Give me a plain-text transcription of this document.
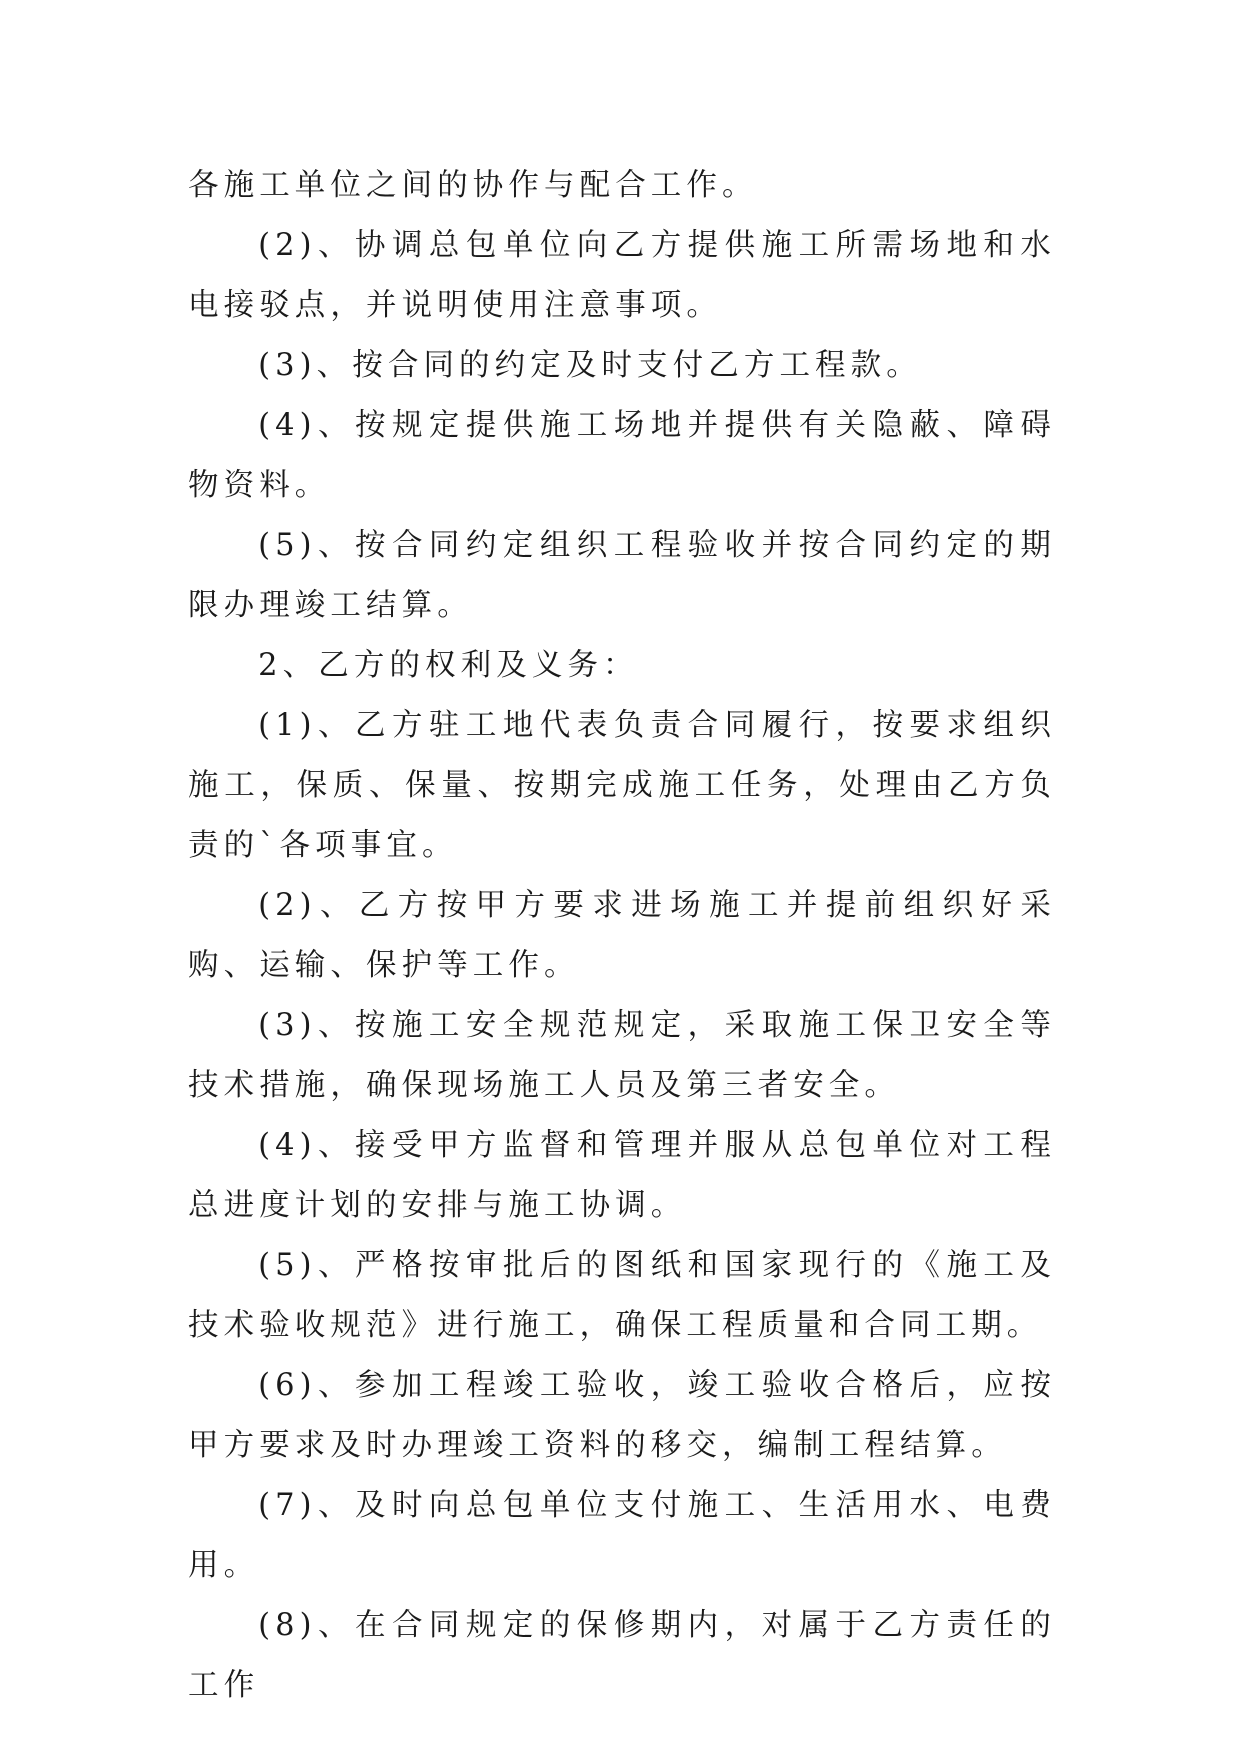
各施工单位之间的协作与配合工作。

(2)、协调总包单位向乙方提供施工所需场地和水电接驳点，并说明使用注意事项。

(3)、按合同的约定及时支付乙方工程款。

(4)、按规定提供施工场地并提供有关隐蔽、障碍物资料。

(5)、按合同约定组织工程验收并按合同约定的期限办理竣工结算。

2、乙方的权利及义务：

(1)、乙方驻工地代表负责合同履行，按要求组织施工，保质、保量、按期完成施工任务，处理由乙方负责的`各项事宜。

(2)、乙方按甲方要求进场施工并提前组织好采购、运输、保护等工作。

(3)、按施工安全规范规定，采取施工保卫安全等技术措施，确保现场施工人员及第三者安全。

(4)、接受甲方监督和管理并服从总包单位对工程总进度计划的安排与施工协调。

(5)、严格按审批后的图纸和国家现行的《施工及技术验收规范》进行施工，确保工程质量和合同工期。

(6)、参加工程竣工验收，竣工验收合格后，应按甲方要求及时办理竣工资料的移交，编制工程结算。

(7)、及时向总包单位支付施工、生活用水、电费用。

(8)、在合同规定的保修期内，对属于乙方责任的工作
